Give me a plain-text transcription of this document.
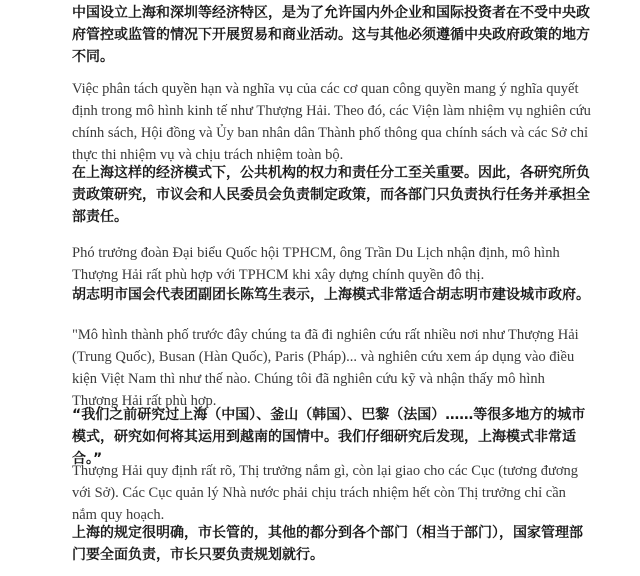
中国设立上海和深圳等经济特区，是为了允许国内外企业和国际投资者在不受中央政府管控或监管的情况下开展贸易和商业活动。这与其他必须遵循中央政府政策的地方不同。

Việc phân tách quyền hạn và nghĩa vụ của các cơ quan công quyền mang ý nghĩa quyết định trong mô hình kinh tế như Thượng Hải. Theo đó, các Viện làm nhiệm vụ nghiên cứu chính sách, Hội đồng và Ủy ban nhân dân Thành phố thông qua chính sách và các Sở chỉ thực thi nhiệm vụ và chịu trách nhiệm toàn bộ.

在上海这样的经济模式下，公共机构的权力和责任分工至关重要。因此，各研究所负责政策研究，市议会和人民委员会负责制定政策，而各部门只负责执行任务并承担全部责任。

Phó trưởng đoàn Đại biểu Quốc hội TPHCM, ông Trần Du Lịch nhận định, mô hình Thượng Hải rất phù hợp với TPHCM khi xây dựng chính quyền đô thị.

胡志明市国会代表团副团长陈笃生表示，上海模式非常适合胡志明市建设城市政府。

"Mô hình thành phố trước đây chúng ta đã đi nghiên cứu rất nhiều nơi như Thượng Hải (Trung Quốc), Busan (Hàn Quốc), Paris (Pháp)... và nghiên cứu xem áp dụng vào điều kiện Việt Nam thì như thế nào. Chúng tôi đã nghiên cứu kỹ và nhận thấy mô hình Thượng Hải rất phù hợp.

“我们之前研究过上海（中国）、釜山（韩国）、巴黎（法国）……等很多地方的城市模式，研究如何将其运用到越南的国情中。我们仔细研究后发现，上海模式非常适合。”

Thượng Hải quy định rất rõ, Thị trưởng nắm gì, còn lại giao cho các Cục (tương đương với Sở). Các Cục quản lý Nhà nước phải chịu trách nhiệm hết còn Thị trưởng chỉ cần nắm quy hoạch.

上海的规定很明确，市长管的，其他的都分到各个部门（相当于部门），国家管理部门要全面负责，市长只要负责规划就行。
